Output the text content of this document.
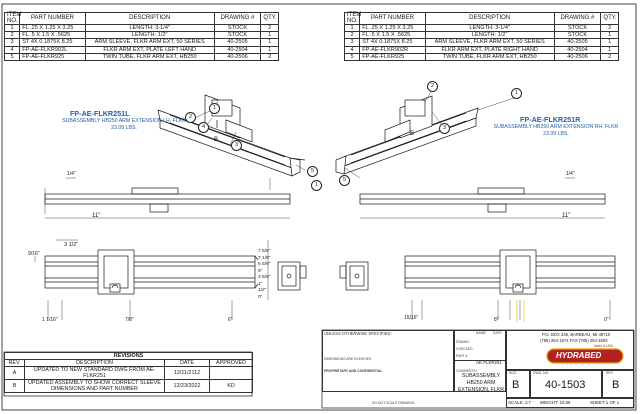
ITEM NO.	PART NUMBER	DESCRIPTION	DRAWING #	QTY.
1	FL .25 X 1.25 X 3.25	LENGTH: 3-1/4"	STOCK	2
2	FL .5 X 1.5 X .5625	LENGTH: 1/2"	STOCK	1
3	ST 4X 0.1875X 8.25	ARM SLEEVE, FLKR ARM EXT, 50 SERIES	40-2505	1
4	FP-AE-FLKR902L	FLKR ARM EXT, PLATE LEFT HAND	40-2504	1
5	FP-AE-FLKR925	TWIN TUBE, FLKR ARM EXT, HB250	40-2506	2
ITEM NO.	PART NUMBER	DESCRIPTION	DRAWING #	QTY.
1	FL .25 X 1.25 X 3.25	LENGTH: 3-1/4"	STOCK	2
2	FL .5 X 1.5 X .5625	LENGTH: 1/2"	STOCK	1
3	ST 4X 0.1875X 8.25	ARM SLEEVE, FLKR ARM EXT, 50 SERIES	40-2505	1
4	FP-AE-FLKR902R	FLKR ARM EXT, PLATE RIGHT HAND	40-2504	1
5	FP-AE-FLKR925	TWIN TUBE, FLKR ARM EXT, HB250	40-2506	2
2
4
1
3
5
5
2
3
1
1
FP-AE-FLKR251L
SUBASSEMBLY HB250 ARM EXTENSION LH, FLKR
23.09 LBS.
FP-AE-FLKR251R
SUBASSEMBLY HB250 ARM EXTENSION RH, FLKR
23.09 LBS.
B
B
1/4"	1/4"
11"	11"
3 1/2"
9/16"
15/16"
1 1/16"	7/8"	6"	8"	0"
7 5/8"
7 1/8"
6 5/8"
5"
3 5/8"
1"
1/2"
0"
REVISIONS			
REV.	DESCRIPTION	DATE	APPROVED
A	UPDATED TO NEW STANDARD DWG FROM AE-FLKR251	12/11/2112	
B	UPDATED ASSEMBLY TO SHOW CORRECT SLEEVE DIMENSIONS AND PART NUMBER	12/23/2022	KD
UNLESS OTHERWISE SPECIFIED:
DIMENSIONS ARE IN INCHES
PROPRIETARY AND CONFIDENTIAL
DO NOT SCALE DRAWING
NAME DATE
DRAWN
CHECKED
PART #
AE-FLKR251
COMMENTS:
P.O. BOX 246, BARBEAU, MI 49710
(785) 254-1674 FAX (785) 254-1603
HYDRABED
Made in USA
SUBASSEMBLY
HB250 ARM
EXTENSION, FLKR
SIZE
B
DWG. NO.
40-1503
REV
B
SCALE: 1:7 WEIGHT: 23.09	SHEET 1 OF 1
